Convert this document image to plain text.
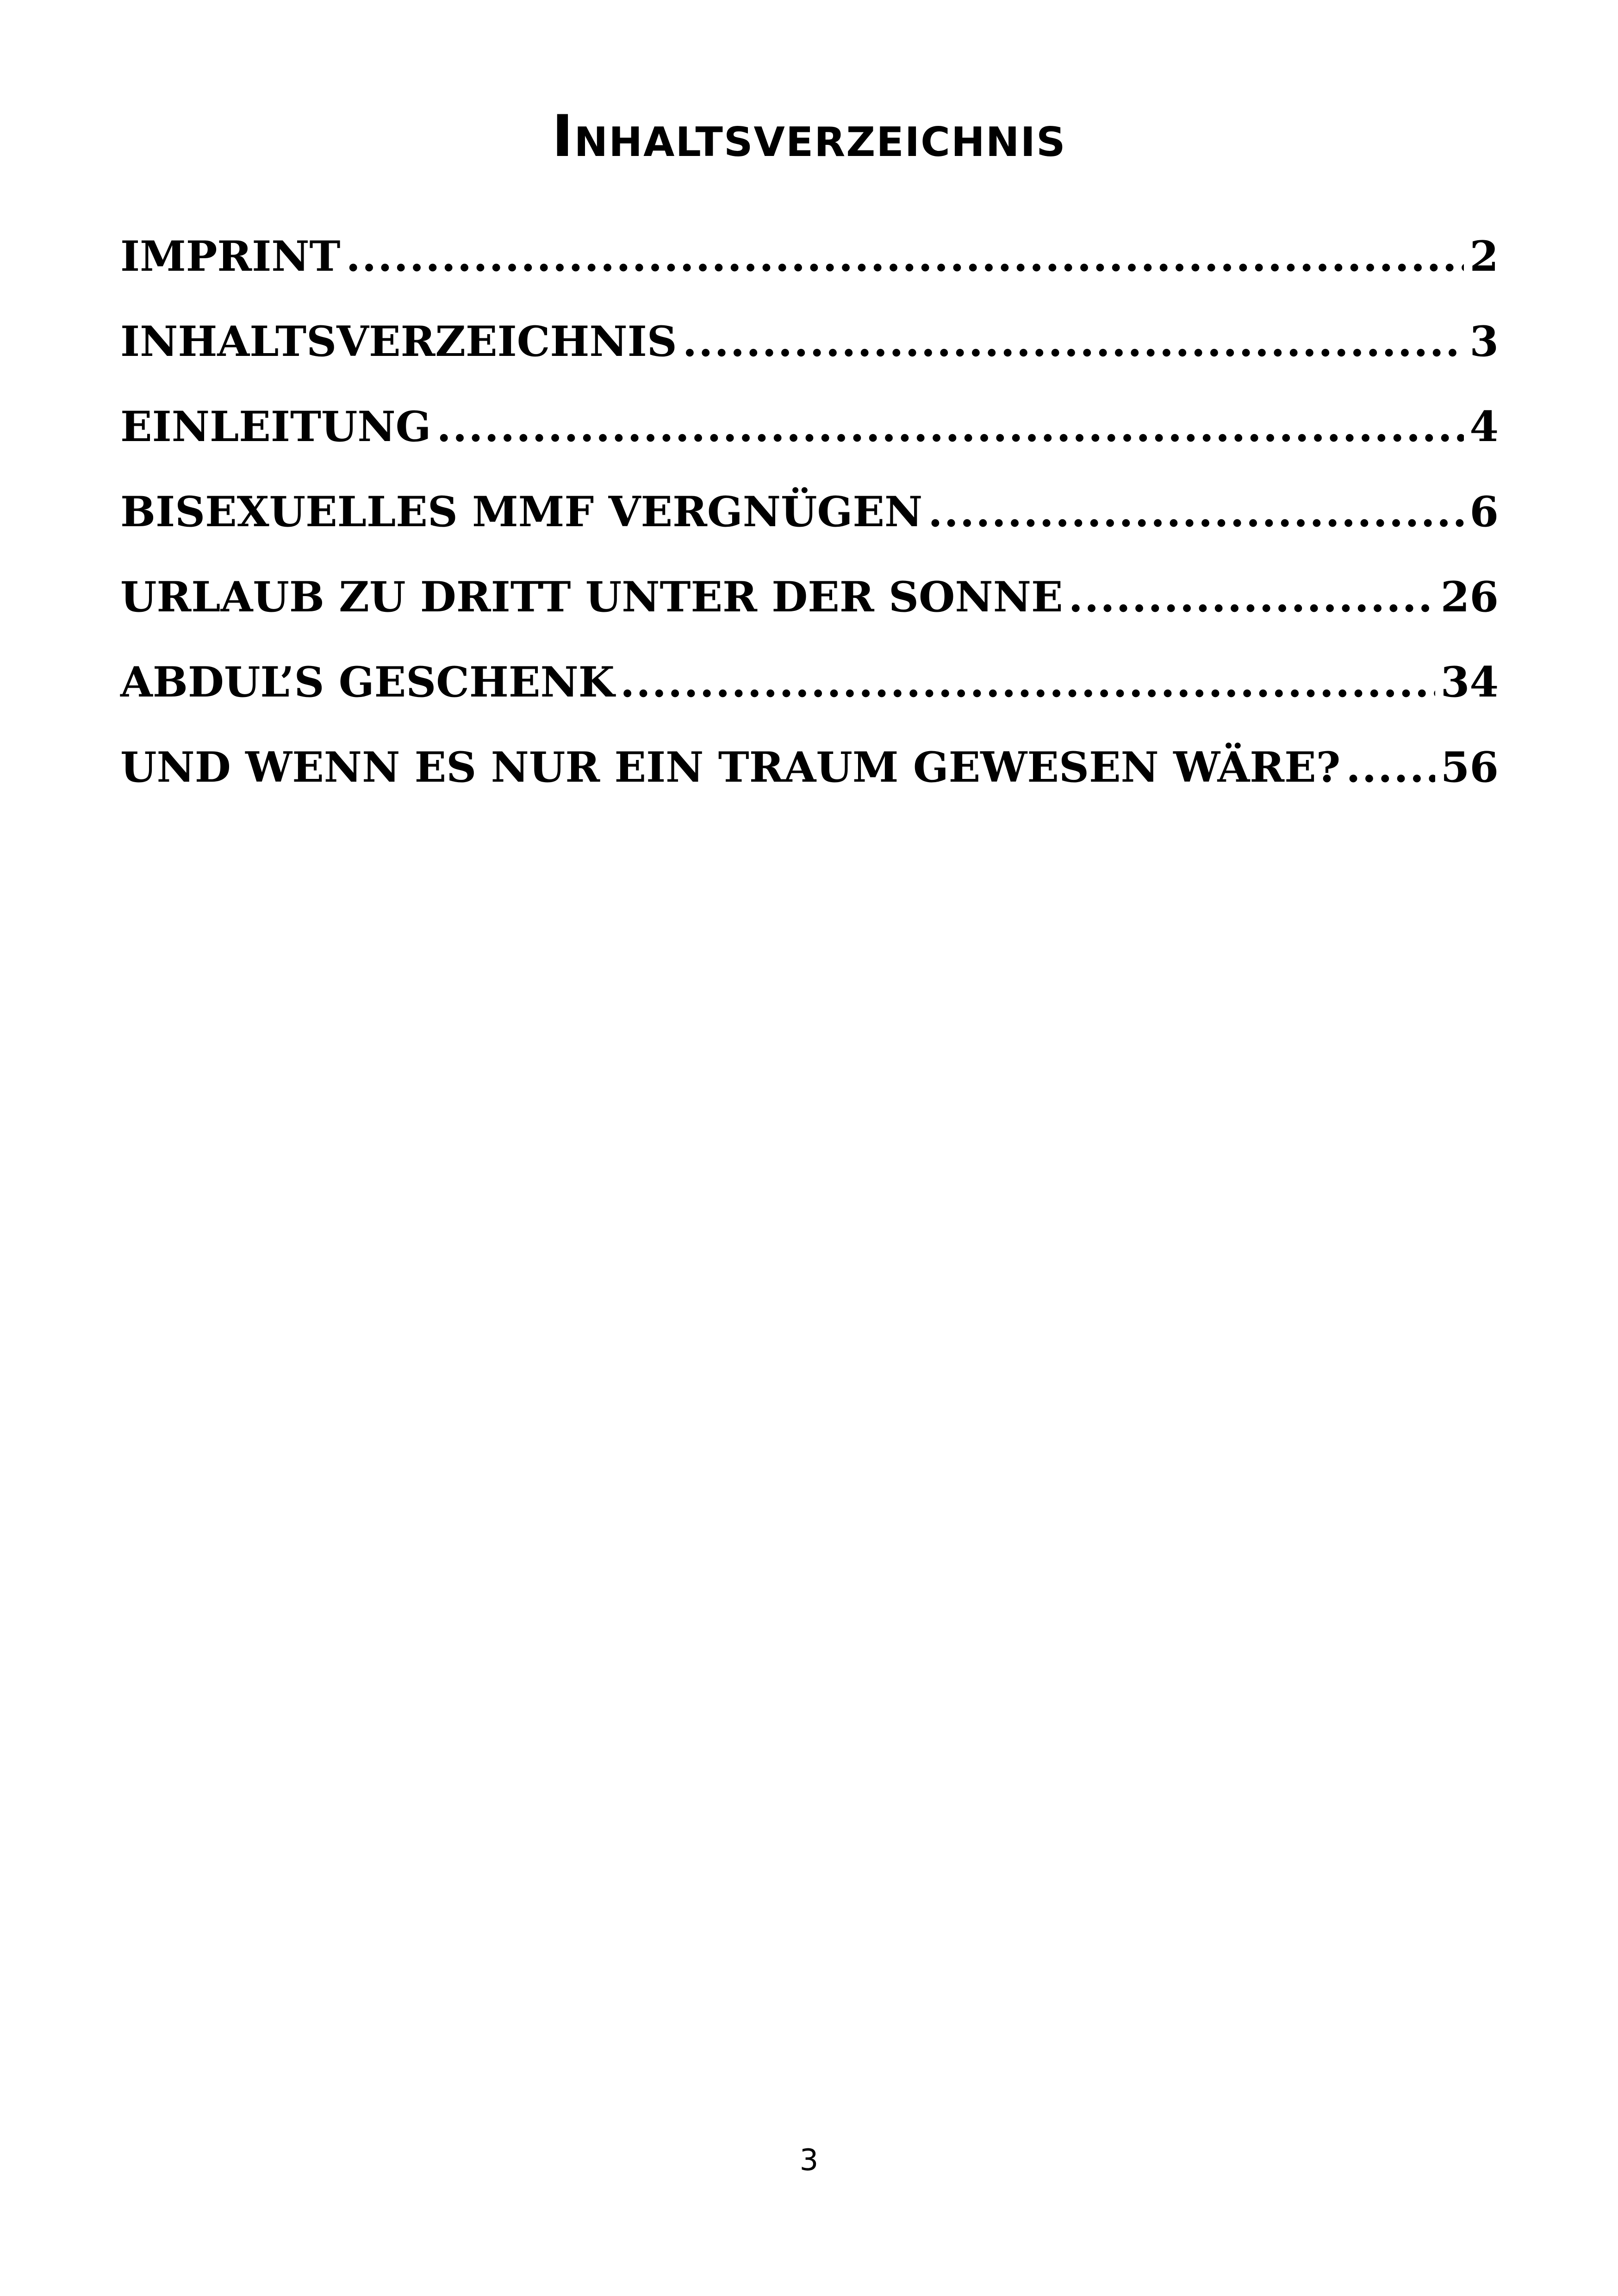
Inhaltsverzeichnis
IMPRINT .....	2
INHALTSVERZEICHNIS .....	3
EINLEITUNG .....	4
BISEXUELLES MMF VERGNÜGEN .....	6
URLAUB ZU DRITT UNTER DER SONNE .....	26
ABDUL’S GESCHENK .....	34
UND WENN ES NUR EIN TRAUM GEWESEN WÄRE? ..... 56
3
